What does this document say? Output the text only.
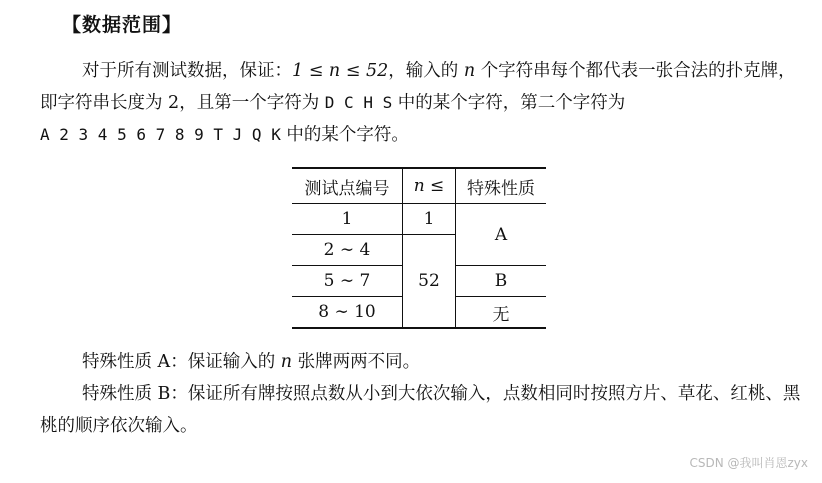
【数据范围】
对于所有测试数据，保证：1 ≤ n ≤ 52，输入的 n 个字符串每个都代表一张合法的扑克牌，即字符串长度为 2，且第一个字符为 D C H S 中的某个字符，第二个字符为
A 2 3 4 5 6 7 8 9 T J Q K 中的某个字符。
测试点编号	n ≤	特殊性质
1	1	A
2 ∼ 4	52	
5 ∼ 7		B
8 ∼ 10		无
特殊性质 A：保证输入的 n 张牌两两不同。
特殊性质 B：保证所有牌按照点数从小到大依次输入，点数相同时按照方片、草花、红桃、黑桃的顺序依次输入。
CSDN @我叫肖恩zyx
